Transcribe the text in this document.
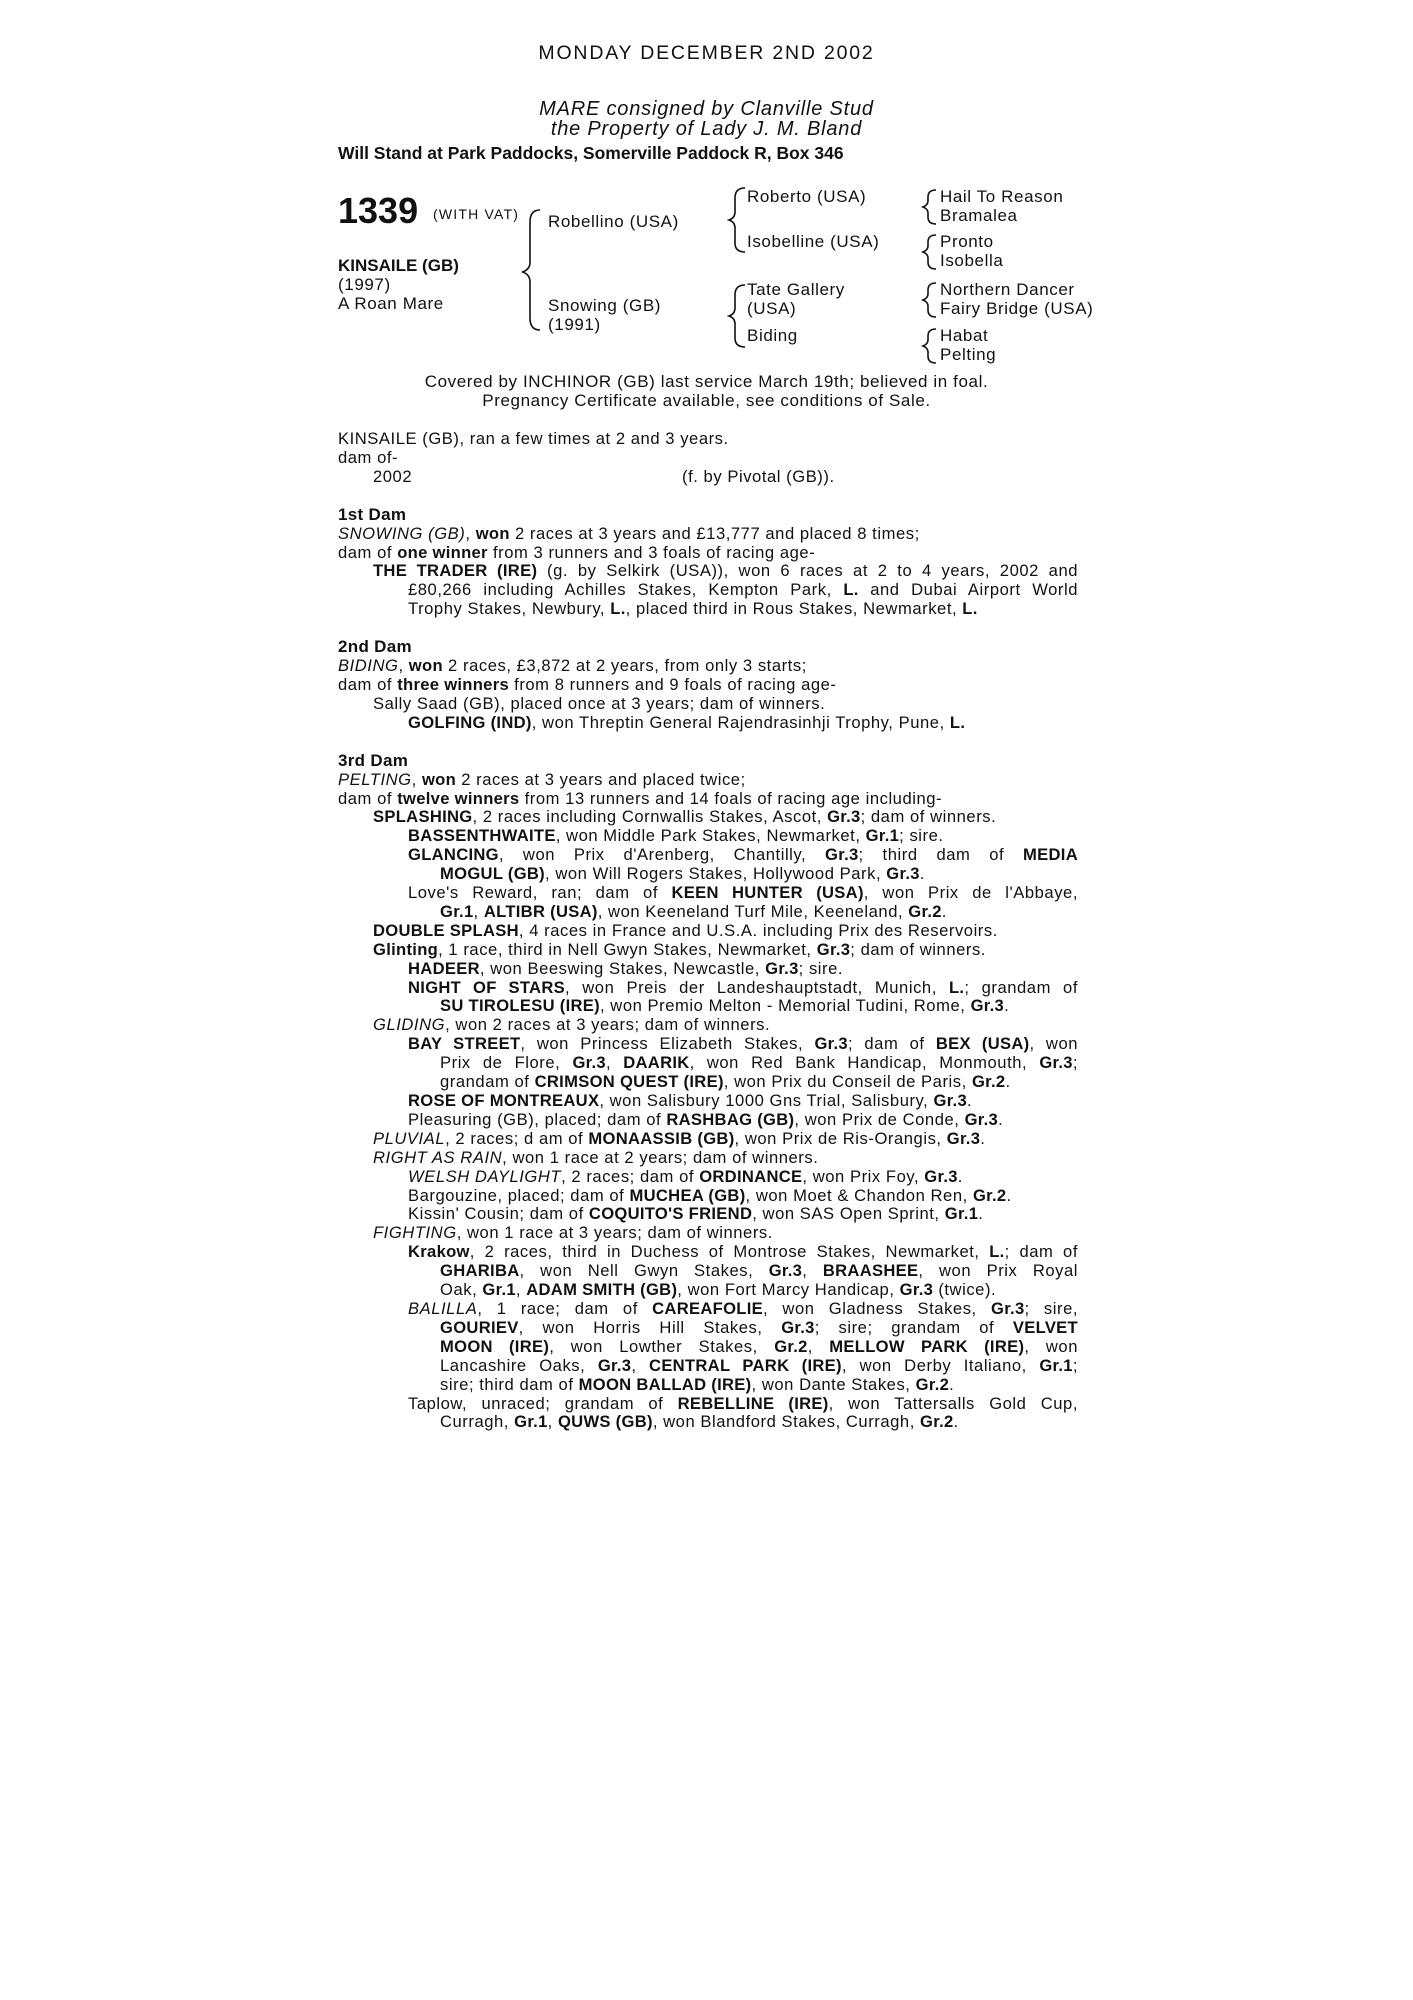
MONDAY DECEMBER 2ND 2002
MARE consigned by Clanville Stud
the Property of Lady J. M. Bland
Will Stand at Park Paddocks, Somerville Paddock R, Box 346
1339 (WITH VAT)
KINSAILE (GB)
(1997)
A Roan Mare
Robellino (USA)
Snowing (GB)
(1991)
Roberto (USA)
Isobelline (USA)
Tate Gallery
(USA)
Biding
Hail To Reason
Bramalea
Pronto
Isobella
Northern Dancer
Fairy Bridge (USA)
Habat
Pelting
Covered by INCHINOR (GB) last service March 19th; believed in foal.
Pregnancy Certificate available, see conditions of Sale.
KINSAILE (GB), ran a few times at 2 and 3 years.
dam of-
2002	(f. by Pivotal (GB)).
1st Dam
SNOWING (GB), won 2 races at 3 years and £13,777 and placed 8 times;
dam of one winner from 3 runners and 3 foals of racing age-
THE TRADER (IRE) (g. by Selkirk (USA)), won 6 races at 2 to 4 years, 2002 and
£80,266 including Achilles Stakes, Kempton Park, L. and Dubai Airport World
Trophy Stakes, Newbury, L., placed third in Rous Stakes, Newmarket, L.
2nd Dam
BIDING, won 2 races, £3,872 at 2 years, from only 3 starts;
dam of three winners from 8 runners and 9 foals of racing age-
Sally Saad (GB), placed once at 3 years; dam of winners.
GOLFING (IND), won Threptin General Rajendrasinhji Trophy, Pune, L.
3rd Dam
PELTING, won 2 races at 3 years and placed twice;
dam of twelve winners from 13 runners and 14 foals of racing age including-
SPLASHING, 2 races including Cornwallis Stakes, Ascot, Gr.3; dam of winners.
BASSENTHWAITE, won Middle Park Stakes, Newmarket, Gr.1; sire.
GLANCING, won Prix d'Arenberg, Chantilly, Gr.3; third dam of MEDIA
MOGUL (GB), won Will Rogers Stakes, Hollywood Park, Gr.3.
Love's Reward, ran; dam of KEEN HUNTER (USA), won Prix de l'Abbaye,
Gr.1, ALTIBR (USA), won Keeneland Turf Mile, Keeneland, Gr.2.
DOUBLE SPLASH, 4 races in France and U.S.A. including Prix des Reservoirs.
Glinting, 1 race, third in Nell Gwyn Stakes, Newmarket, Gr.3; dam of winners.
HADEER, won Beeswing Stakes, Newcastle, Gr.3; sire.
NIGHT OF STARS, won Preis der Landeshauptstadt, Munich, L.; grandam of
SU TIROLESU (IRE), won Premio Melton - Memorial Tudini, Rome, Gr.3.
GLIDING, won 2 races at 3 years; dam of winners.
BAY STREET, won Princess Elizabeth Stakes, Gr.3; dam of BEX (USA), won
Prix de Flore, Gr.3, DAARIK, won Red Bank Handicap, Monmouth, Gr.3;
grandam of CRIMSON QUEST (IRE), won Prix du Conseil de Paris, Gr.2.
ROSE OF MONTREAUX, won Salisbury 1000 Gns Trial, Salisbury, Gr.3.
Pleasuring (GB), placed; dam of RASHBAG (GB), won Prix de Conde, Gr.3.
PLUVIAL, 2 races; d am of MONAASSIB (GB), won Prix de Ris-Orangis, Gr.3.
RIGHT AS RAIN, won 1 race at 2 years; dam of winners.
WELSH DAYLIGHT, 2 races; dam of ORDINANCE, won Prix Foy, Gr.3.
Bargouzine, placed; dam of MUCHEA (GB), won Moet & Chandon Ren, Gr.2.
Kissin' Cousin; dam of COQUITO'S FRIEND, won SAS Open Sprint, Gr.1.
FIGHTING, won 1 race at 3 years; dam of winners.
Krakow, 2 races, third in Duchess of Montrose Stakes, Newmarket, L.; dam of
GHARIBA, won Nell Gwyn Stakes, Gr.3, BRAASHEE, won Prix Royal
Oak, Gr.1, ADAM SMITH (GB), won Fort Marcy Handicap, Gr.3 (twice).
BALILLA, 1 race; dam of CAREAFOLIE, won Gladness Stakes, Gr.3; sire,
GOURIEV, won Horris Hill Stakes, Gr.3; sire; grandam of VELVET
MOON (IRE), won Lowther Stakes, Gr.2, MELLOW PARK (IRE), won
Lancashire Oaks, Gr.3, CENTRAL PARK (IRE), won Derby Italiano, Gr.1;
sire; third dam of MOON BALLAD (IRE), won Dante Stakes, Gr.2.
Taplow, unraced; grandam of REBELLINE (IRE), won Tattersalls Gold Cup,
Curragh, Gr.1, QUWS (GB), won Blandford Stakes, Curragh, Gr.2.
